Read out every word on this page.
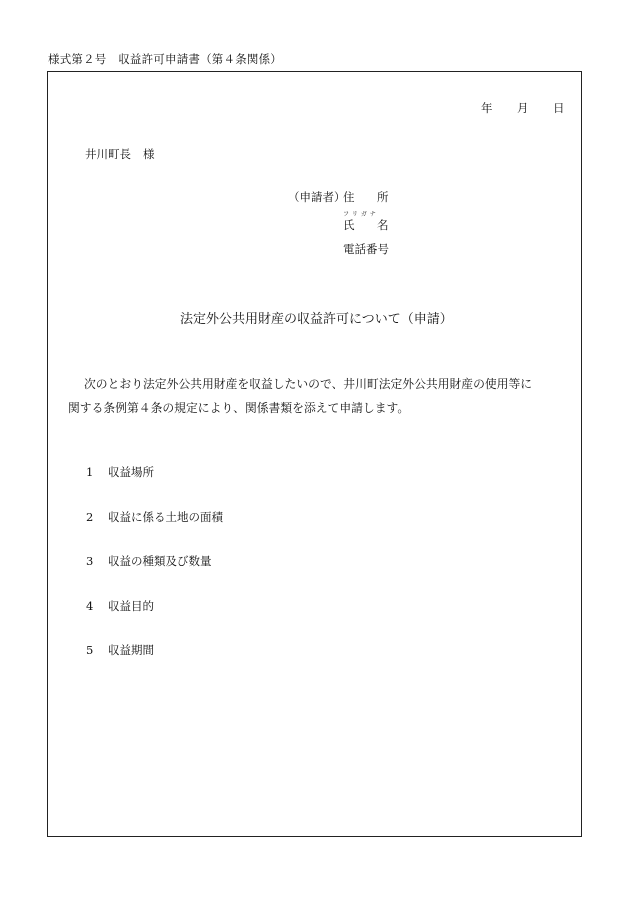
様式第２号　収益許可申請書（第４条関係）
年 月 日
井川町長 様
（申請者）
住 所
フ リ ガ ナ
氏 名
電話番号
法定外公共用財産の収益許可について（申請）
次のとおり法定外公共用財産を収益したいので、井川町法定外公共用財産の使用等に
関する条例第４条の規定により、関係書類を添えて申請します。
1 収益場所
2 収益に係る土地の面積
3 収益の種類及び数量
4 収益目的
5 収益期間
